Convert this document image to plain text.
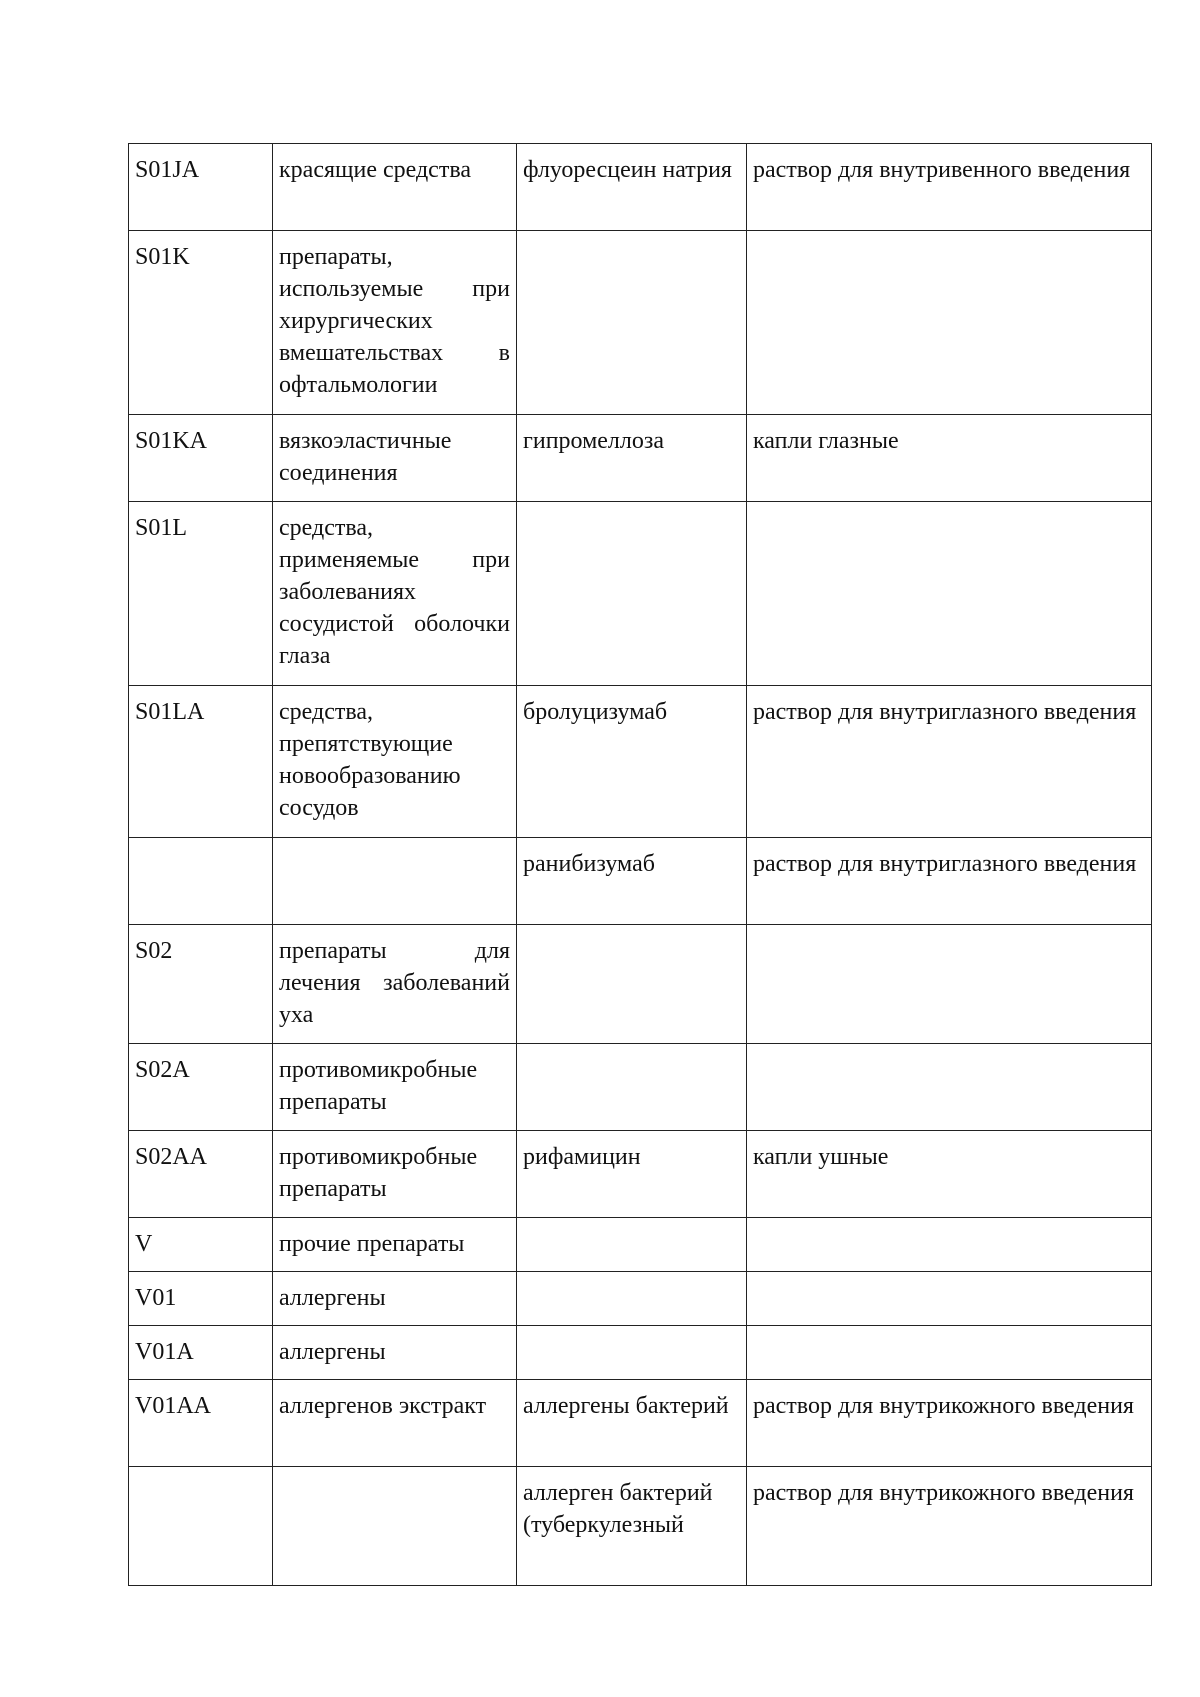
S01JA	красящие средства	флуоресцеин натрия	раствор для внутривенного введения
S01K	препараты, используемые при хирургических вмешательствах в офтальмологии		
S01KA	вязкоэластичные соединения	гипромеллоза	капли глазные
S01L	средства, применяемые при заболеваниях сосудистой оболочки глаза		
S01LA	средства, препятствующие новообразованию сосудов	бролуцизумаб	раствор для внутриглазного введения
		ранибизумаб	раствор для внутриглазного введения
S02	препараты для лечения заболеваний уха		
S02A	противомикробные препараты		
S02AA	противомикробные препараты	рифамицин	капли ушные
V	прочие препараты		
V01	аллергены		
V01A	аллергены		
V01AA	аллергенов экстракт	аллергены бактерий	раствор для внутрикожного введения
		аллерген бактерий (туберкулезный	раствор для внутрикожного введения
